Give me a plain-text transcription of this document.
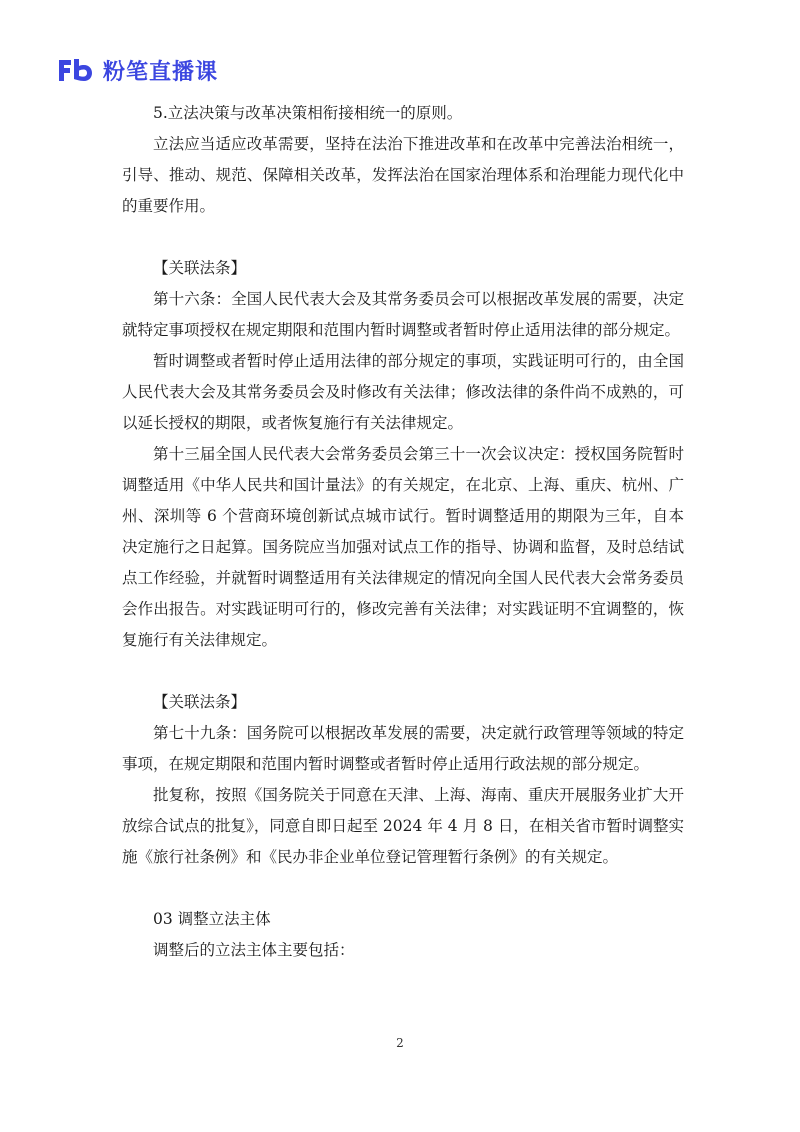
粉笔直播课

5.立法决策与改革决策相衔接相统一的原则。

立法应当适应改革需要，坚持在法治下推进改革和在改革中完善法治相统一，引导、推动、规范、保障相关改革，发挥法治在国家治理体系和治理能力现代化中的重要作用。

【关联法条】

第十六条：全国人民代表大会及其常务委员会可以根据改革发展的需要，决定就特定事项授权在规定期限和范围内暂时调整或者暂时停止适用法律的部分规定。

暂时调整或者暂时停止适用法律的部分规定的事项，实践证明可行的，由全国人民代表大会及其常务委员会及时修改有关法律；修改法律的条件尚不成熟的，可以延长授权的期限，或者恢复施行有关法律规定。

第十三届全国人民代表大会常务委员会第三十一次会议决定：授权国务院暂时调整适用《中华人民共和国计量法》的有关规定，在北京、上海、重庆、杭州、广州、深圳等 6 个营商环境创新试点城市试行。暂时调整适用的期限为三年，自本决定施行之日起算。国务院应当加强对试点工作的指导、协调和监督，及时总结试点工作经验，并就暂时调整适用有关法律规定的情况向全国人民代表大会常务委员会作出报告。对实践证明可行的，修改完善有关法律；对实践证明不宜调整的，恢复施行有关法律规定。

【关联法条】

第七十九条：国务院可以根据改革发展的需要，决定就行政管理等领域的特定事项，在规定期限和范围内暂时调整或者暂时停止适用行政法规的部分规定。

批复称，按照《国务院关于同意在天津、上海、海南、重庆开展服务业扩大开放综合试点的批复》，同意自即日起至 2024 年 4 月 8 日，在相关省市暂时调整实施《旅行社条例》和《民办非企业单位登记管理暂行条例》的有关规定。

03 调整立法主体

调整后的立法主体主要包括：

2
